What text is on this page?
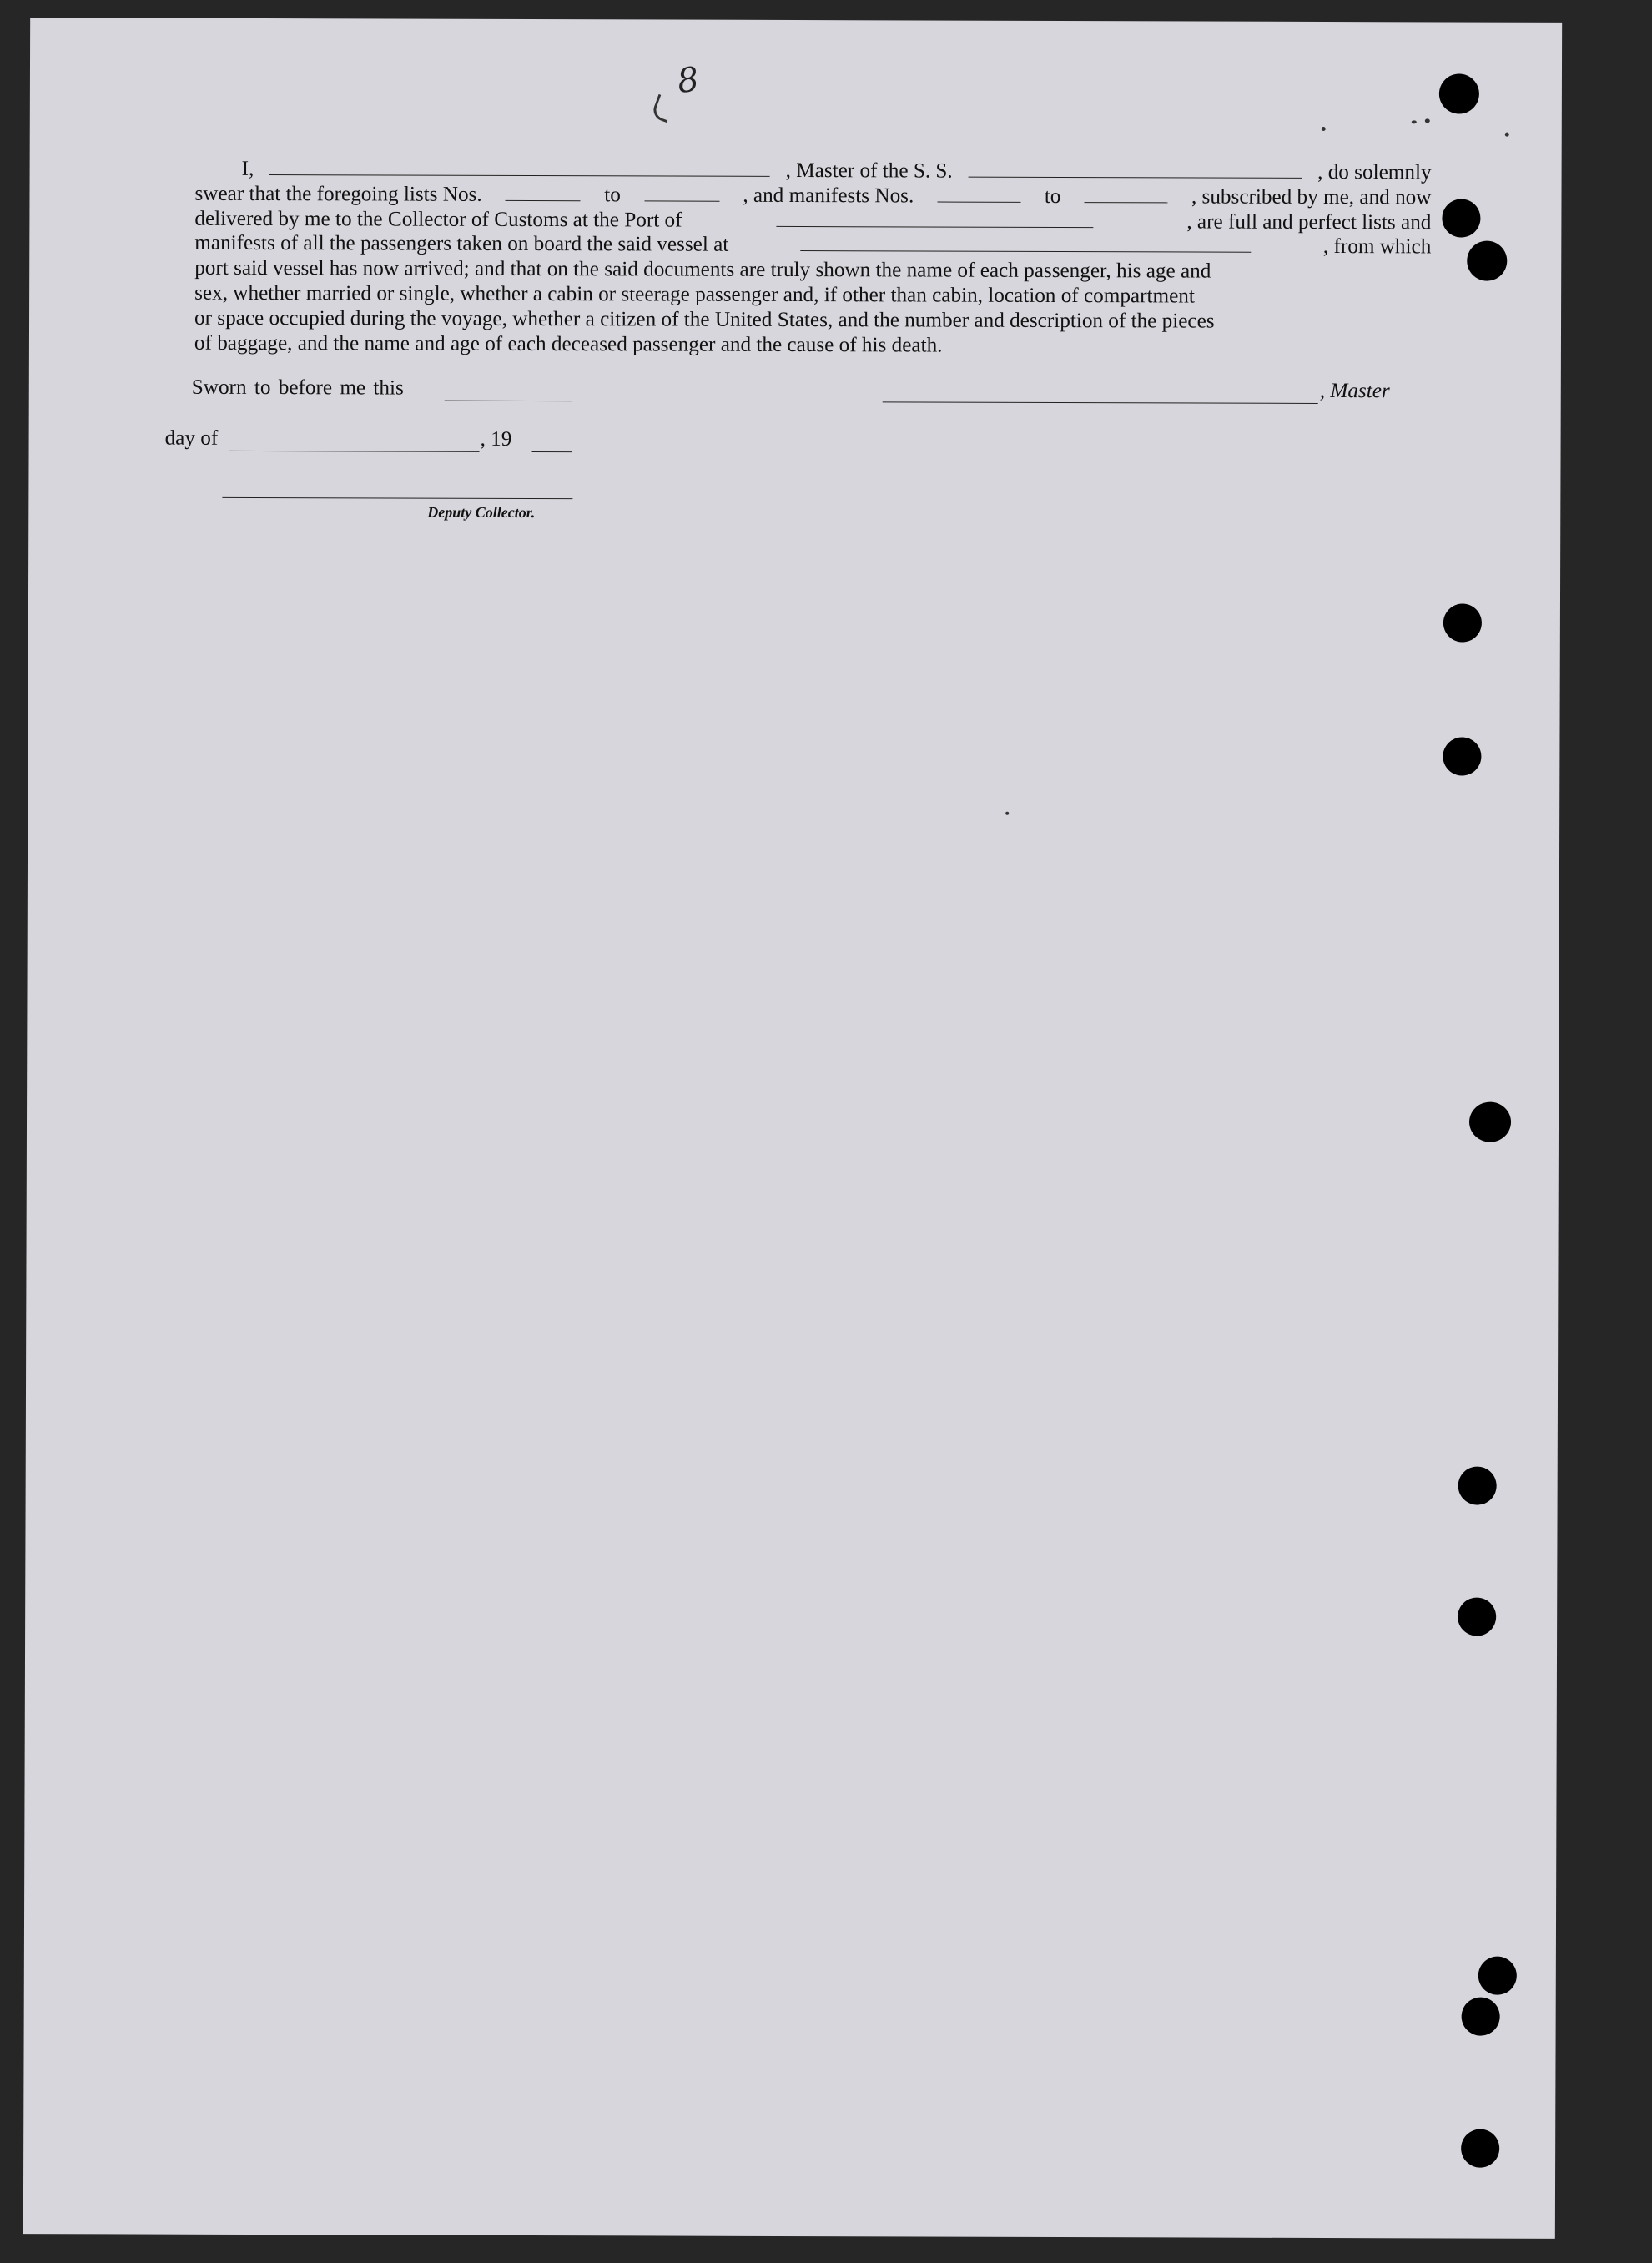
8
I,	, Master of the S. S.	, do solemnly
swear that the foregoing lists Nos.	to	, and manifests Nos.	to	, subscribed by me, and now
delivered by me to the Collector of Customs at the Port of	, are full and perfect lists and
manifests of all the passengers taken on board the said vessel at	, from which
port said vessel has now arrived; and that on the said documents are truly shown the name of each passenger, his age and
sex, whether married or single, whether a cabin or steerage passenger and, if other than cabin, location of compartment
or space occupied during the voyage, whether a citizen of the United States, and the number and description of the pieces
of baggage, and the name and age of each deceased passenger and the cause of his death.
Sworn to before me this	, Master
day of	, 19
Deputy Collector.
